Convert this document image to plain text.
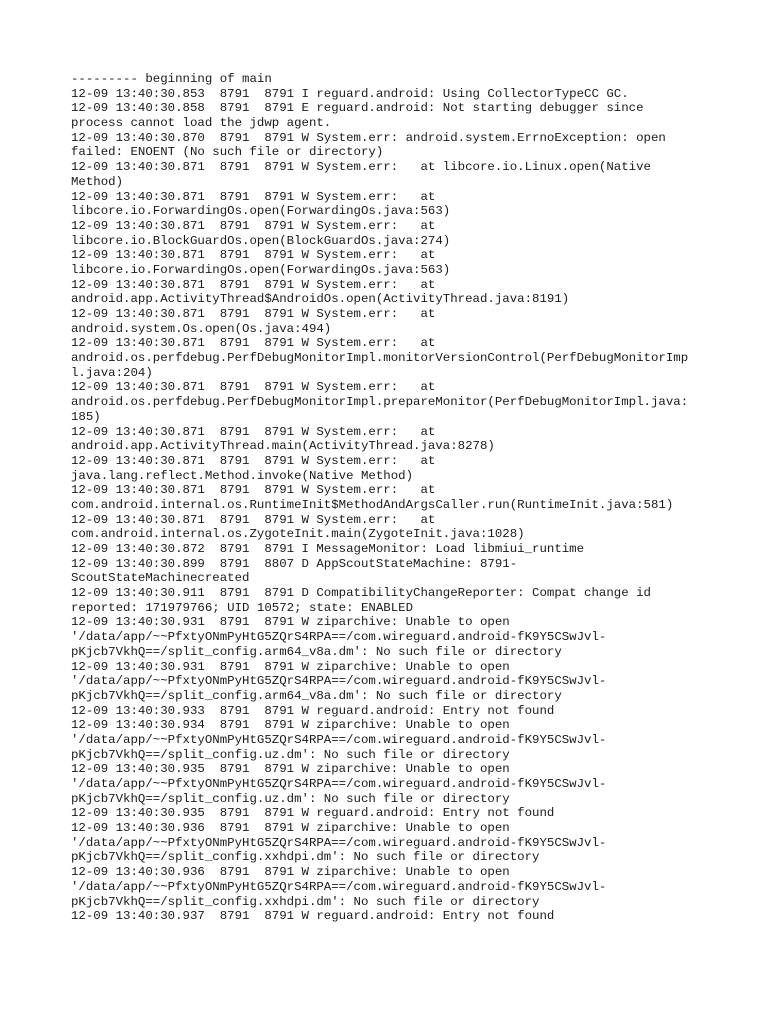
--------- beginning of main
12-09 13:40:30.853  8791  8791 I reguard.android: Using CollectorTypeCC GC.
12-09 13:40:30.858  8791  8791 E reguard.android: Not starting debugger since
process cannot load the jdwp agent.
12-09 13:40:30.870  8791  8791 W System.err: android.system.ErrnoException: open
failed: ENOENT (No such file or directory)
12-09 13:40:30.871  8791  8791 W System.err:   at libcore.io.Linux.open(Native
Method)
12-09 13:40:30.871  8791  8791 W System.err:   at
libcore.io.ForwardingOs.open(ForwardingOs.java:563)
12-09 13:40:30.871  8791  8791 W System.err:   at
libcore.io.BlockGuardOs.open(BlockGuardOs.java:274)
12-09 13:40:30.871  8791  8791 W System.err:   at
libcore.io.ForwardingOs.open(ForwardingOs.java:563)
12-09 13:40:30.871  8791  8791 W System.err:   at
android.app.ActivityThread$AndroidOs.open(ActivityThread.java:8191)
12-09 13:40:30.871  8791  8791 W System.err:   at
android.system.Os.open(Os.java:494)
12-09 13:40:30.871  8791  8791 W System.err:   at
android.os.perfdebug.PerfDebugMonitorImpl.monitorVersionControl(PerfDebugMonitorImp
l.java:204)
12-09 13:40:30.871  8791  8791 W System.err:   at
android.os.perfdebug.PerfDebugMonitorImpl.prepareMonitor(PerfDebugMonitorImpl.java:
185)
12-09 13:40:30.871  8791  8791 W System.err:   at
android.app.ActivityThread.main(ActivityThread.java:8278)
12-09 13:40:30.871  8791  8791 W System.err:   at
java.lang.reflect.Method.invoke(Native Method)
12-09 13:40:30.871  8791  8791 W System.err:   at
com.android.internal.os.RuntimeInit$MethodAndArgsCaller.run(RuntimeInit.java:581)
12-09 13:40:30.871  8791  8791 W System.err:   at
com.android.internal.os.ZygoteInit.main(ZygoteInit.java:1028)
12-09 13:40:30.872  8791  8791 I MessageMonitor: Load libmiui_runtime
12-09 13:40:30.899  8791  8807 D AppScoutStateMachine: 8791-
ScoutStateMachinecreated
12-09 13:40:30.911  8791  8791 D CompatibilityChangeReporter: Compat change id
reported: 171979766; UID 10572; state: ENABLED
12-09 13:40:30.931  8791  8791 W ziparchive: Unable to open
'/data/app/~~PfxtyONmPyHtG5ZQrS4RPA==/com.wireguard.android-fK9Y5CSwJvl-
pKjcb7VkhQ==/split_config.arm64_v8a.dm': No such file or directory
12-09 13:40:30.931  8791  8791 W ziparchive: Unable to open
'/data/app/~~PfxtyONmPyHtG5ZQrS4RPA==/com.wireguard.android-fK9Y5CSwJvl-
pKjcb7VkhQ==/split_config.arm64_v8a.dm': No such file or directory
12-09 13:40:30.933  8791  8791 W reguard.android: Entry not found
12-09 13:40:30.934  8791  8791 W ziparchive: Unable to open
'/data/app/~~PfxtyONmPyHtG5ZQrS4RPA==/com.wireguard.android-fK9Y5CSwJvl-
pKjcb7VkhQ==/split_config.uz.dm': No such file or directory
12-09 13:40:30.935  8791  8791 W ziparchive: Unable to open
'/data/app/~~PfxtyONmPyHtG5ZQrS4RPA==/com.wireguard.android-fK9Y5CSwJvl-
pKjcb7VkhQ==/split_config.uz.dm': No such file or directory
12-09 13:40:30.935  8791  8791 W reguard.android: Entry not found
12-09 13:40:30.936  8791  8791 W ziparchive: Unable to open
'/data/app/~~PfxtyONmPyHtG5ZQrS4RPA==/com.wireguard.android-fK9Y5CSwJvl-
pKjcb7VkhQ==/split_config.xxhdpi.dm': No such file or directory
12-09 13:40:30.936  8791  8791 W ziparchive: Unable to open
'/data/app/~~PfxtyONmPyHtG5ZQrS4RPA==/com.wireguard.android-fK9Y5CSwJvl-
pKjcb7VkhQ==/split_config.xxhdpi.dm': No such file or directory
12-09 13:40:30.937  8791  8791 W reguard.android: Entry not found
